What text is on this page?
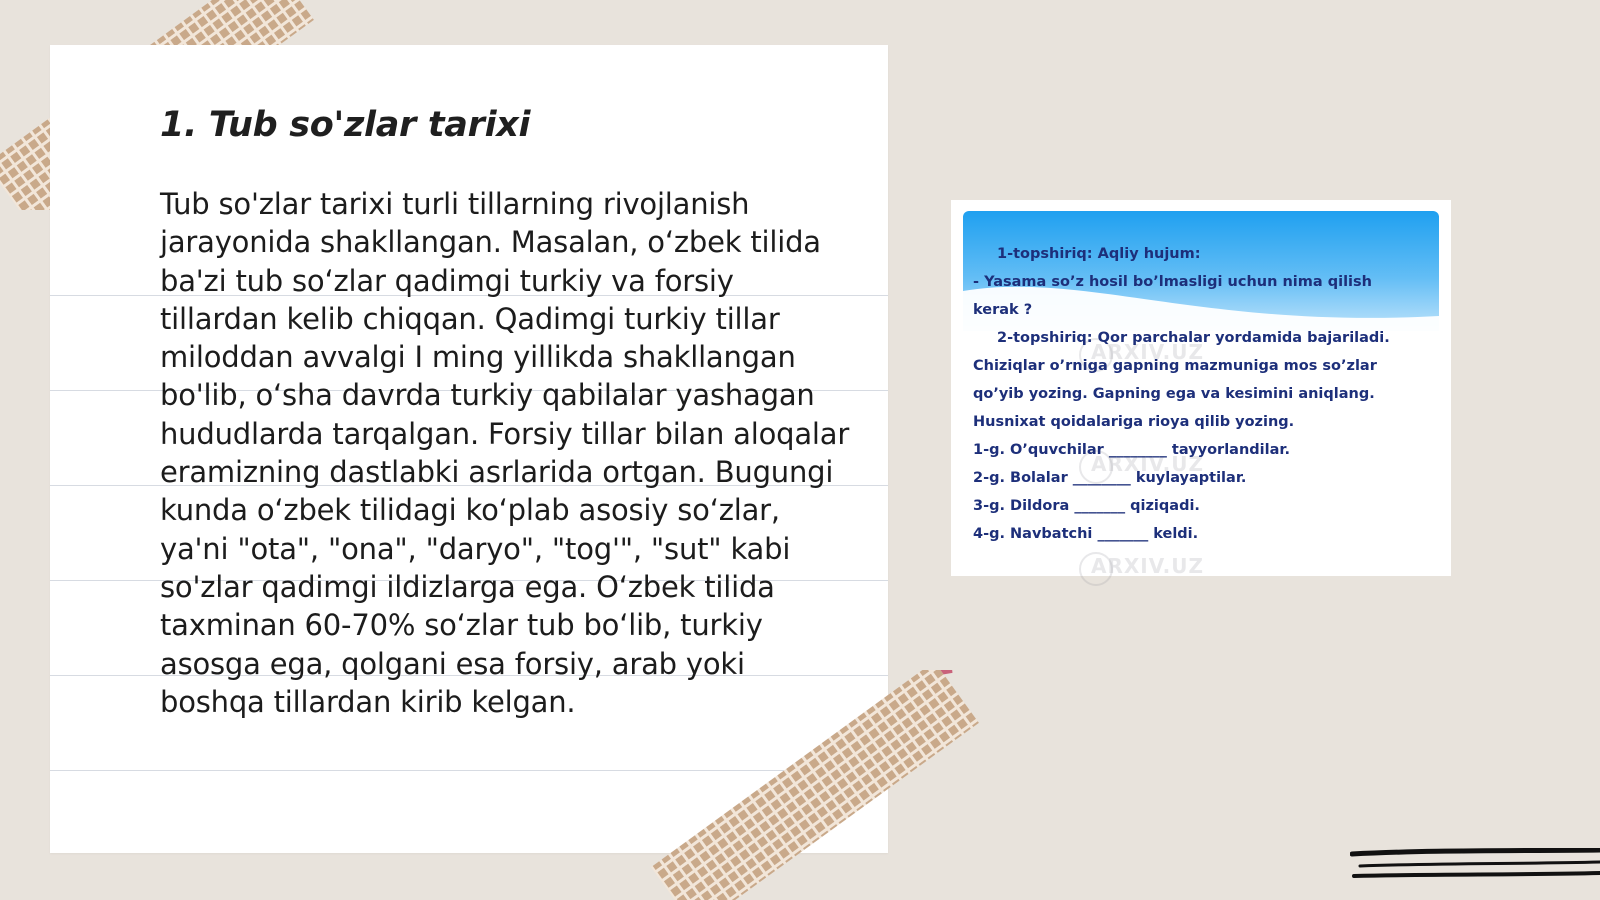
1. Tub so'zlar tarixi

Tub so'zlar tarixi turli tillarning rivojlanish jarayonida shakllangan. Masalan, o‘zbek tilida ba'zi tub so‘zlar qadimgi turkiy va forsiy tillardan kelib chiqqan. Qadimgi turkiy tillar miloddan avvalgi I ming yillikda shakllangan bo'lib, o‘sha davrda turkiy qabilalar yashagan hududlarda tarqalgan. Forsiy tillar bilan aloqalar eramizning dastlabki asrlarida ortgan. Bugungi kunda o‘zbek tilidagi ko‘plab asosiy so‘zlar, ya'ni "ota", "ona", "daryo", "tog'", "sut" kabi so'zlar qadimgi ildizlarga ega. O‘zbek tilida taxminan 60-70% so‘zlar tub bo‘lib, turkiy asosga ega, qolgani esa forsiy, arab yoki boshqa tillardan kirib kelgan.

ARXIV.UZ
ARXIV.UZ
ARXIV.UZ
1-topshiriq: Aqliy hujum:
- Yasama so’z hosil bo’lmasligi uchun nima qilish
kerak ?
2-topshiriq: Qor parchalar yordamida bajariladi.
Chiziqlar o’rniga gapning mazmuniga mos so’zlar
qo’yib yozing. Gapning ega va kesimini aniqlang.
Husnixat qoidalariga rioya qilib yozing.
1-g. O’quvchilar ________ tayyorlandilar.
2-g. Bolalar ________ kuylayaptilar.
3-g. Dildora _______ qiziqadi.
4-g. Navbatchi _______ keldi.
